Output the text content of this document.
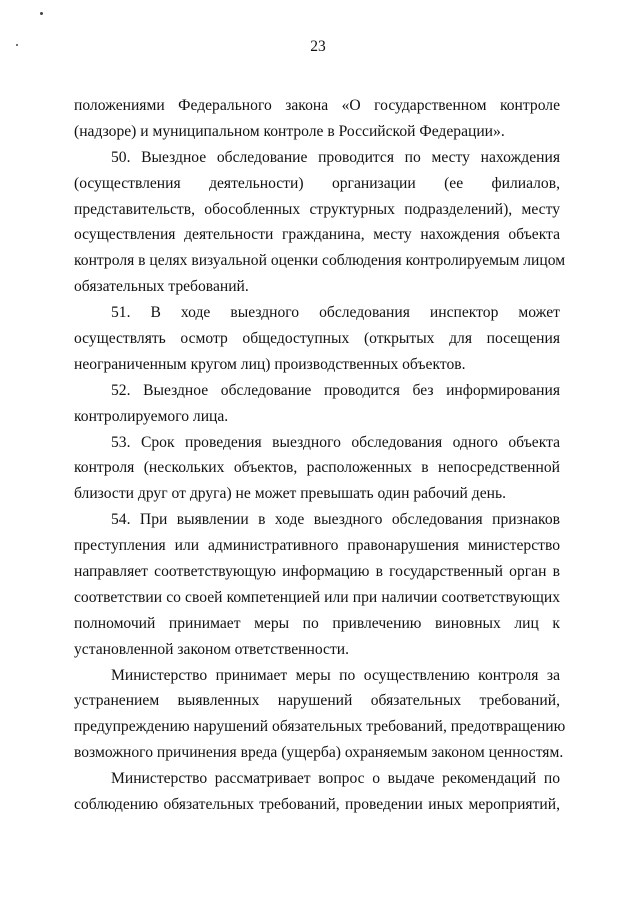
23
положениями Федерального закона «О государственном контроле
(надзоре) и муниципальном контроле в Российской Федерации».
50. Выездное обследование проводится по месту нахождения
(осуществления деятельности) организации (ее филиалов,
представительств, обособленных структурных подразделений), месту
осуществления деятельности гражданина, месту нахождения объекта
контроля в целях визуальной оценки соблюдения контролируемым лицом
обязательных требований.
51. В ходе выездного обследования инспектор может
осуществлять осмотр общедоступных (открытых для посещения
неограниченным кругом лиц) производственных объектов.
52. Выездное обследование проводится без информирования
контролируемого лица.
53. Срок проведения выездного обследования одного объекта
контроля (нескольких объектов, расположенных в непосредственной
близости друг от друга) не может превышать один рабочий день.
54. При выявлении в ходе выездного обследования признаков
преступления или административного правонарушения министерство
направляет соответствующую информацию в государственный орган в
соответствии со своей компетенцией или при наличии соответствующих
полномочий принимает меры по привлечению виновных лиц к
установленной законом ответственности.
Министерство принимает меры по осуществлению контроля за
устранением выявленных нарушений обязательных требований,
предупреждению нарушений обязательных требований, предотвращению
возможного причинения вреда (ущерба) охраняемым законом ценностям.
Министерство рассматривает вопрос о выдаче рекомендаций по
соблюдению обязательных требований, проведении иных мероприятий,
